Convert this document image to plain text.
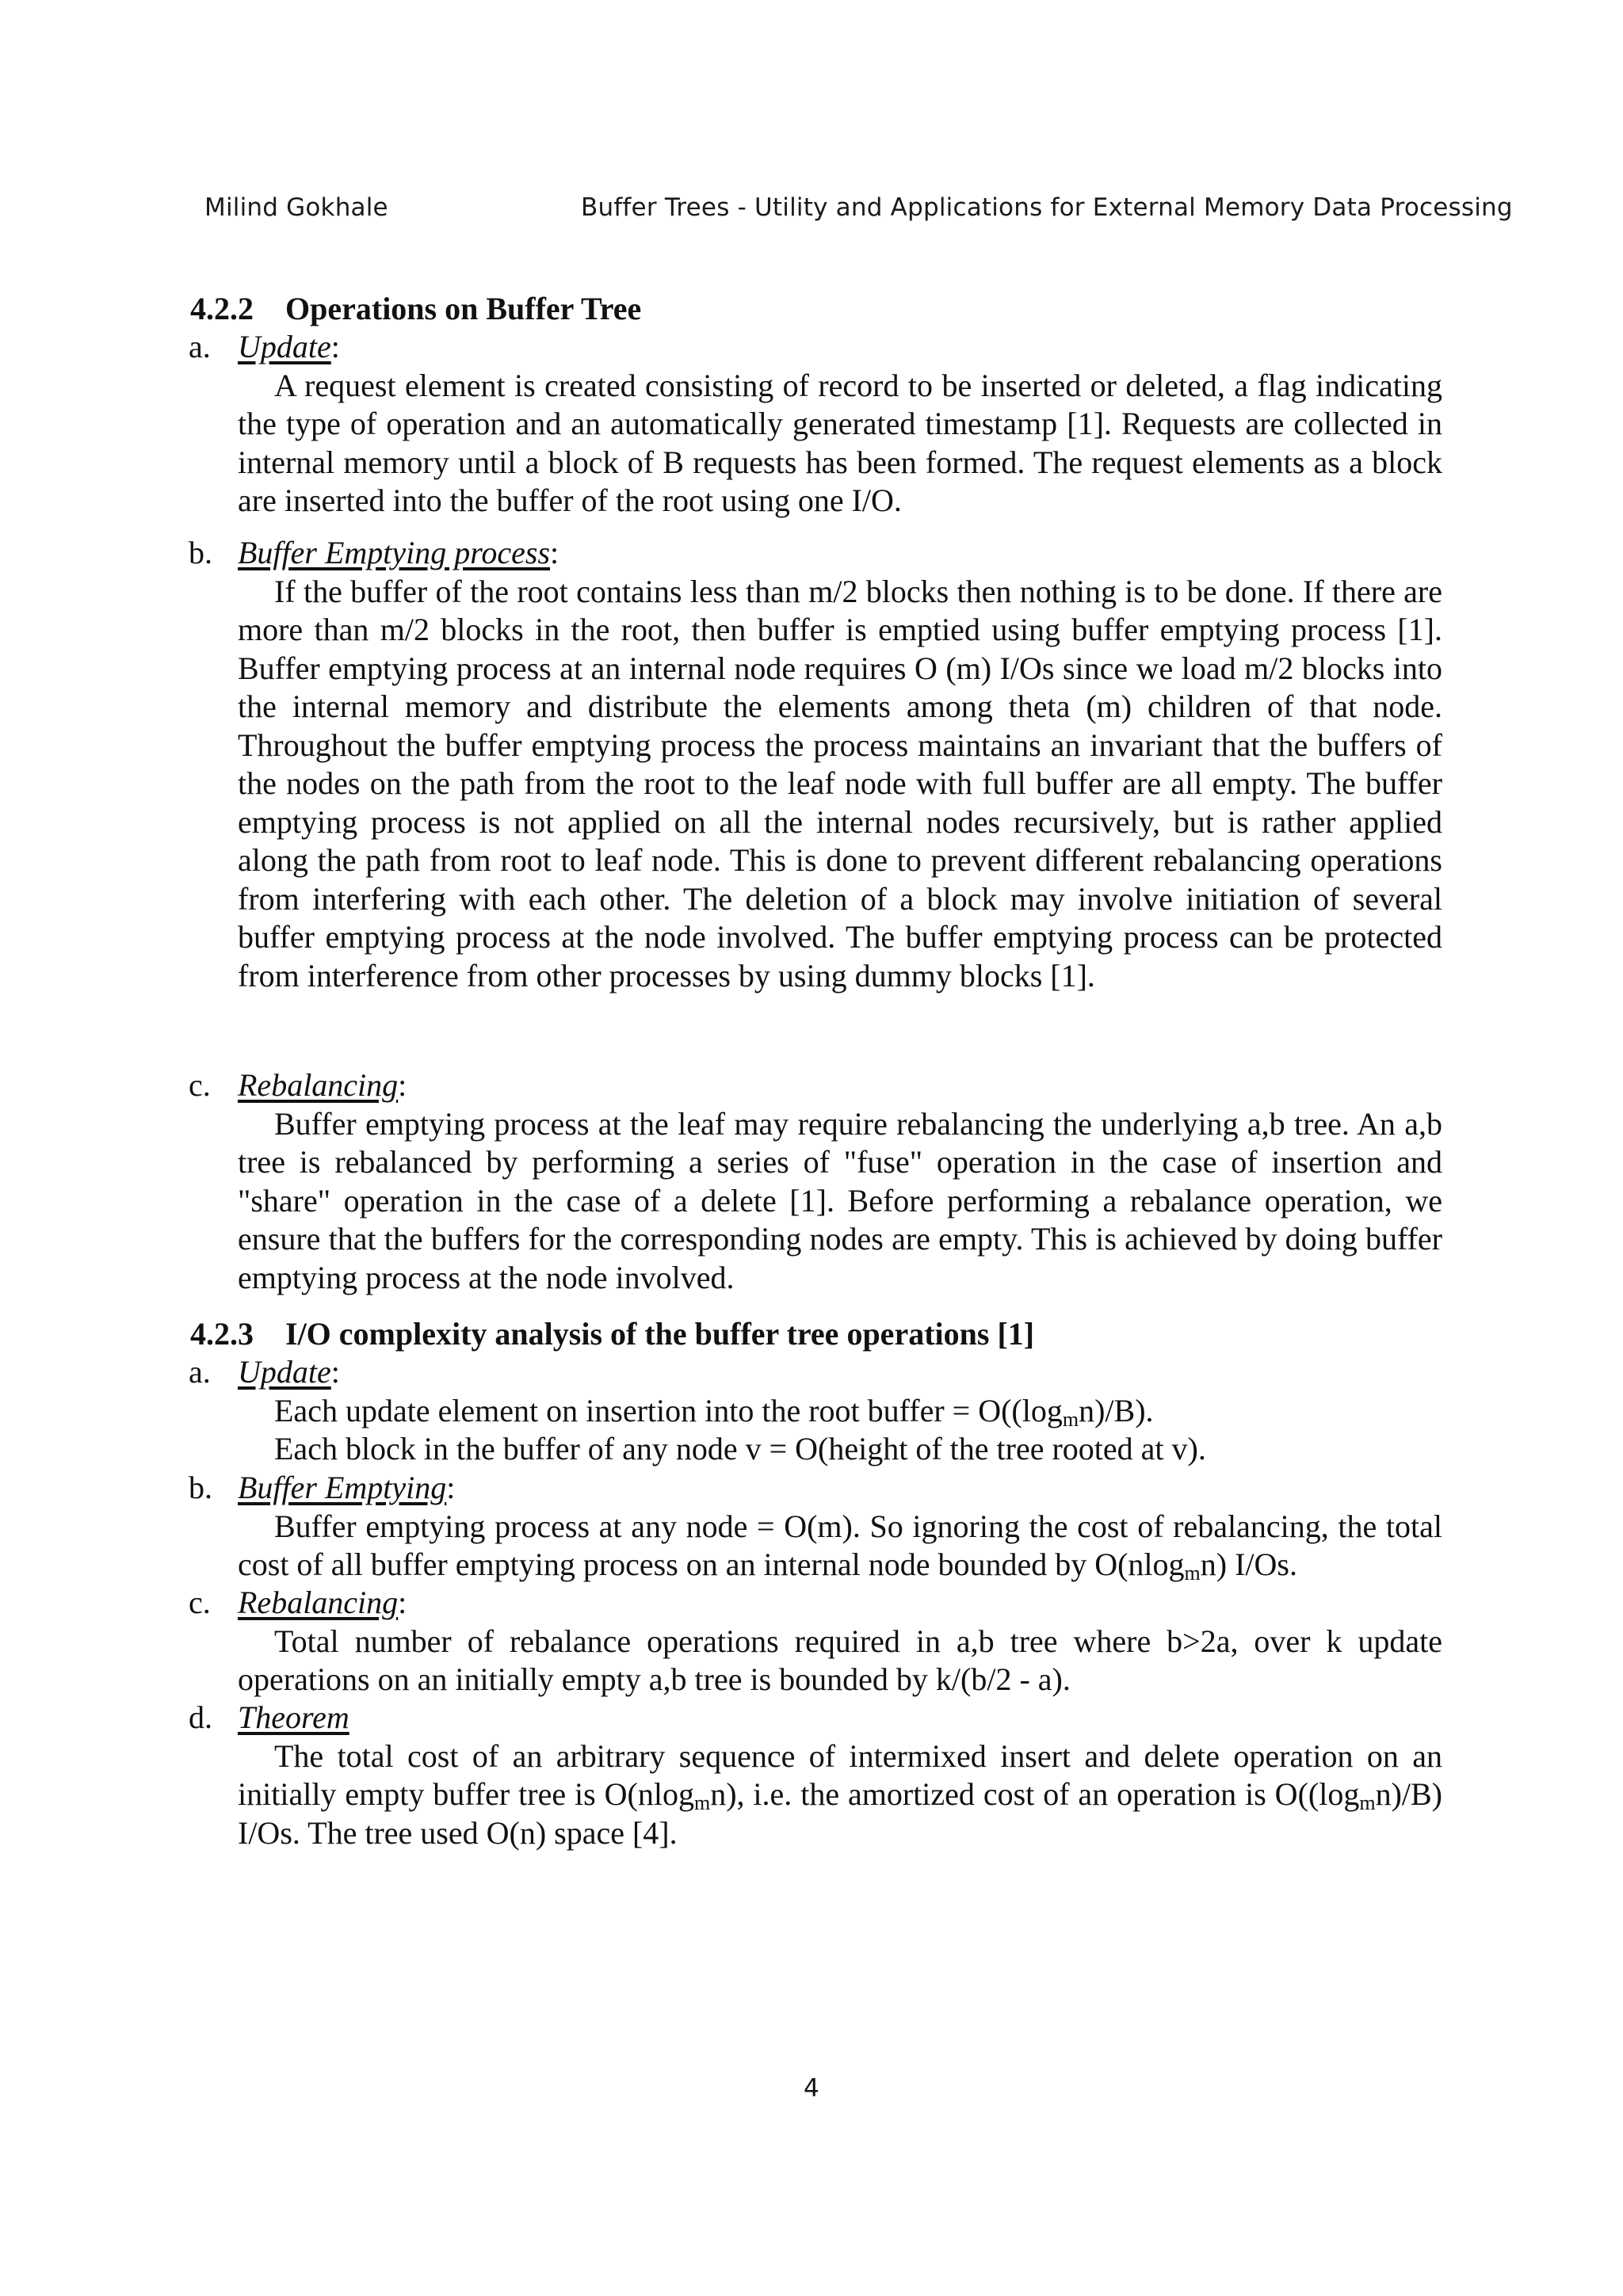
Milind Gokhale	Buffer Trees - Utility and Applications for External Memory Data Processing
4.2.2 Operations on Buffer Tree
a. Update:

A request element is created consisting of record to be inserted or deleted, a flag indicating the type of operation and an automatically generated timestamp [1]. Requests are collected in internal memory until a block of B requests has been formed. The request elements as a block are inserted into the buffer of the root using one I/O.

b. Buffer Emptying process:

If the buffer of the root contains less than m/2 blocks then nothing is to be done. If there are more than m/2 blocks in the root, then buffer is emptied using buffer emptying process [1]. Buffer emptying process at an internal node requires O (m) I/Os since we load m/2 blocks into the internal memory and distribute the elements among theta (m) children of that node. Throughout the buffer emptying process the process maintains an invariant that the buffers of the nodes on the path from the root to the leaf node with full buffer are all empty. The buffer emptying process is not applied on all the internal nodes recursively, but is rather applied along the path from root to leaf node. This is done to prevent different rebalancing operations from interfering with each other. The deletion of a block may involve initiation of several buffer emptying process at the node involved. The buffer emptying process can be protected from interference from other processes by using dummy blocks [1].

c. Rebalancing:

Buffer emptying process at the leaf may require rebalancing the underlying a,b tree. An a,b tree is rebalanced by performing a series of "fuse" operation in the case of insertion and "share" operation in the case of a delete [1]. Before performing a rebalance operation, we ensure that the buffers for the corresponding nodes are empty. This is achieved by doing buffer emptying process at the node involved.

4.2.3 I/O complexity analysis of the buffer tree operations [1]
a. Update:

Each update element on insertion into the root buffer = $O((\log_mn)/B)$.

Each block in the buffer of any node v = O(height of the tree rooted at v).

b. Buffer Emptying:

Buffer emptying process at any node = O(m). So ignoring the cost of rebalancing, the total cost of all buffer emptying process on an internal node bounded by O(nlog$_m$n) I/Os.

c. Rebalancing:

Total number of rebalance operations required in a,b tree where b>2a, over k update operations on an initially empty a,b tree is bounded by k/(b/2 - a).

d. Theorem

The total cost of an arbitrary sequence of intermixed insert and delete operation on an initially empty buffer tree is O(nlog$_m$n), i.e. the amortized cost of an operation is $O((\log_mn)/B)$ I/Os. The tree used O(n) space [4].

4
